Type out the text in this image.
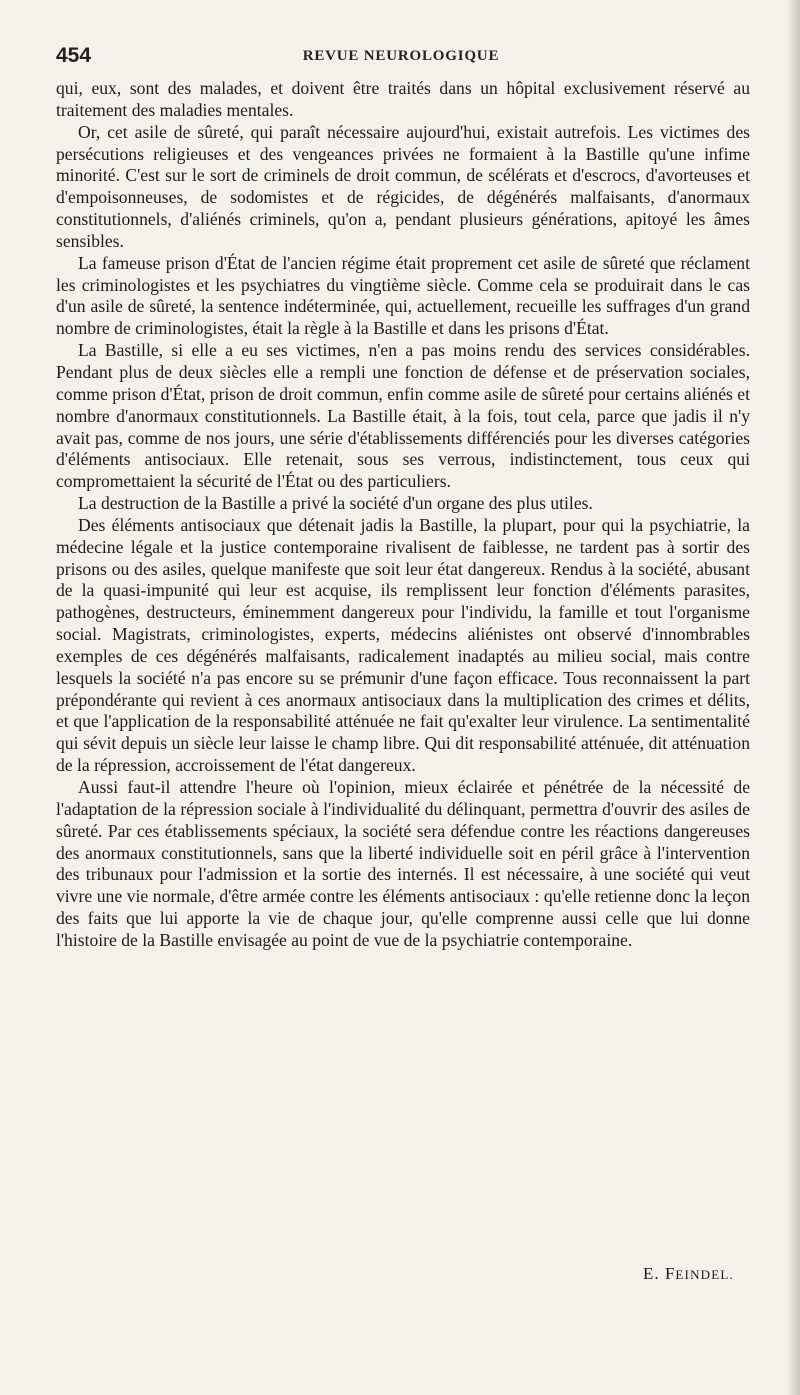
454	REVUE NEUROLOGIQUE

qui, eux, sont des malades, et doivent être traités dans un hôpital exclusivement réservé au traitement des maladies mentales.

Or, cet asile de sûreté, qui paraît nécessaire aujourd'hui, existait autrefois. Les victimes des persécutions religieuses et des vengeances privées ne formaient à la Bastille qu'une infime minorité. C'est sur le sort de criminels de droit commun, de scélérats et d'escrocs, d'avorteuses et d'empoisonneuses, de sodomistes et de régicides, de dégénérés malfaisants, d'anormaux constitutionnels, d'aliénés criminels, qu'on a, pendant plusieurs générations, apitoyé les âmes sensibles.

La fameuse prison d'État de l'ancien régime était proprement cet asile de sûreté que réclament les criminologistes et les psychiatres du vingtième siècle. Comme cela se produirait dans le cas d'un asile de sûreté, la sentence indéterminée, qui, actuellement, recueille les suffrages d'un grand nombre de criminologistes, était la règle à la Bastille et dans les prisons d'État.

La Bastille, si elle a eu ses victimes, n'en a pas moins rendu des services considérables. Pendant plus de deux siècles elle a rempli une fonction de défense et de préservation sociales, comme prison d'État, prison de droit commun, enfin comme asile de sûreté pour certains aliénés et nombre d'anormaux constitutionnels. La Bastille était, à la fois, tout cela, parce que jadis il n'y avait pas, comme de nos jours, une série d'établissements différenciés pour les diverses catégories d'éléments antisociaux. Elle retenait, sous ses verrous, indistinctement, tous ceux qui compromettaient la sécurité de l'État ou des particuliers.

La destruction de la Bastille a privé la société d'un organe des plus utiles.

Des éléments antisociaux que détenait jadis la Bastille, la plupart, pour qui la psychiatrie, la médecine légale et la justice contemporaine rivalisent de faiblesse, ne tardent pas à sortir des prisons ou des asiles, quelque manifeste que soit leur état dangereux. Rendus à la société, abusant de la quasi-impunité qui leur est acquise, ils remplissent leur fonction d'éléments parasites, pathogènes, destructeurs, éminemment dangereux pour l'individu, la famille et tout l'organisme social. Magistrats, criminologistes, experts, médecins aliénistes ont observé d'innombrables exemples de ces dégénérés malfaisants, radicalement inadaptés au milieu social, mais contre lesquels la société n'a pas encore su se prémunir d'une façon efficace. Tous reconnaissent la part prépondérante qui revient à ces anormaux antisociaux dans la multiplication des crimes et délits, et que l'application de la responsabilité atténuée ne fait qu'exalter leur virulence. La sentimentalité qui sévit depuis un siècle leur laisse le champ libre. Qui dit responsabilité atténuée, dit atténuation de la répression, accroissement de l'état dangereux.

Aussi faut-il attendre l'heure où l'opinion, mieux éclairée et pénétrée de la nécessité de l'adaptation de la répression sociale à l'individualité du délinquant, permettra d'ouvrir des asiles de sûreté. Par ces établissements spéciaux, la société sera défendue contre les réactions dangereuses des anormaux constitutionnels, sans que la liberté individuelle soit en péril grâce à l'intervention des tribunaux pour l'admission et la sortie des internés. Il est nécessaire, à une société qui veut vivre une vie normale, d'être armée contre les éléments antisociaux : qu'elle retienne donc la leçon des faits que lui apporte la vie de chaque jour, qu'elle comprenne aussi celle que lui donne l'histoire de la Bastille envisagée au point de vue de la psychiatrie contemporaine.

E. FEINDEL.
